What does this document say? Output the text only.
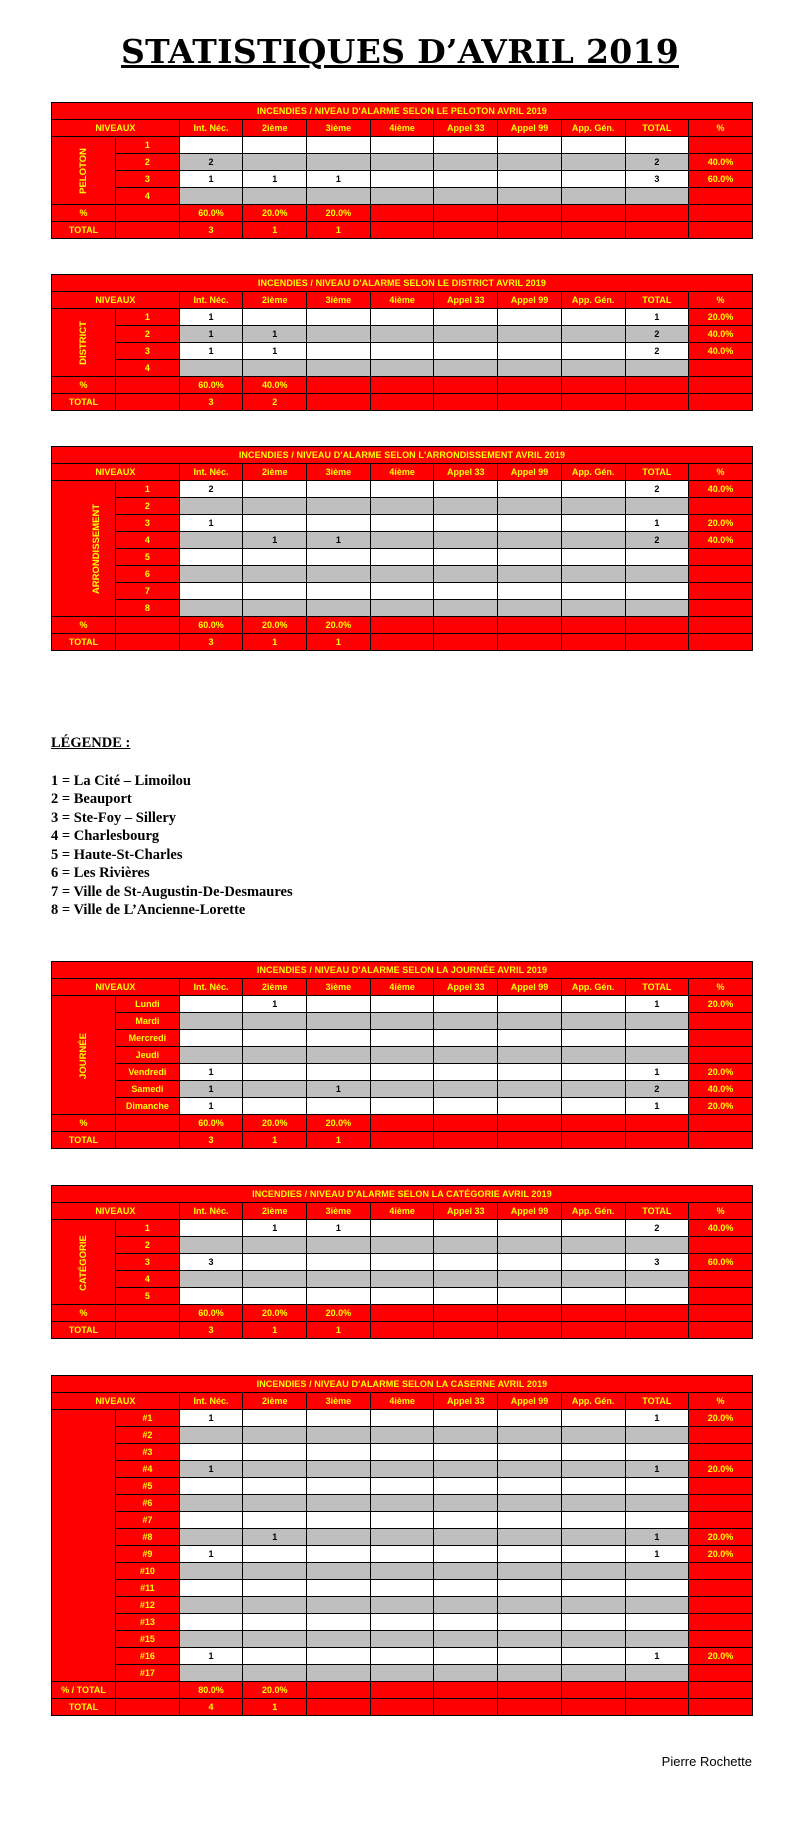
STATISTIQUES D’AVRIL 2019
INCENDIES / NIVEAU D'ALARME SELON LE PELOTON AVRIL 2019										
NIVEAUX		Int. Néc.	2ième	3ième	4ième	Appel 33	Appel 99	App. Gén.	TOTAL	%
PELOTON	1									
	2	2							2	40.0%
	3	1	1	1					3	60.0%
	4									
%		60.0%	20.0%	20.0%						
TOTAL		3	1	1						
INCENDIES / NIVEAU D'ALARME SELON LE DISTRICT AVRIL 2019										
NIVEAUX		Int. Néc.	2ième	3ième	4ième	Appel 33	Appel 99	App. Gén.	TOTAL	%
DISTRICT	1	1							1	20.0%
	2	1	1						2	40.0%
	3	1	1						2	40.0%
	4									
%		60.0%	40.0%							
TOTAL		3	2							
INCENDIES / NIVEAU D'ALARME SELON L'ARRONDISSEMENT AVRIL 2019										
NIVEAUX		Int. Néc.	2ième	3ième	4ième	Appel 33	Appel 99	App. Gén.	TOTAL	%
ARRONDISSEMENT	1	2							2	40.0%
	2									
	3	1							1	20.0%
	4		1	1					2	40.0%
	5									
	6									
	7									
	8									
%		60.0%	20.0%	20.0%						
TOTAL		3	1	1						
LÉGENDE :
1 = La Cité – Limoilou
2 = Beauport
3 = Ste-Foy – Sillery
4 = Charlesbourg
5 = Haute-St-Charles
6 = Les Rivières
7 = Ville de St-Augustin-De-Desmaures
8 = Ville de L’Ancienne-Lorette
INCENDIES / NIVEAU D'ALARME SELON LA JOURNÉE AVRIL 2019										
NIVEAUX		Int. Néc.	2ième	3ième	4ième	Appel 33	Appel 99	App. Gén.	TOTAL	%
JOURNÉE	Lundi		1						1	20.0%
	Mardi									
	Mercredi									
	Jeudi									
	Vendredi	1							1	20.0%
	Samedi	1		1					2	40.0%
	Dimanche	1							1	20.0%
%		60.0%	20.0%	20.0%						
TOTAL		3	1	1						
INCENDIES / NIVEAU D'ALARME SELON LA CATÉGORIE AVRIL 2019										
NIVEAUX		Int. Néc.	2ième	3ième	4ième	Appel 33	Appel 99	App. Gén.	TOTAL	%
CATÉGORIE	1		1	1					2	40.0%
	2									
	3	3							3	60.0%
	4									
	5									
%		60.0%	20.0%	20.0%						
TOTAL		3	1	1						
INCENDIES / NIVEAU D'ALARME SELON LA CASERNE AVRIL 2019										
NIVEAUX		Int. Néc.	2ième	3ième	4ième	Appel 33	Appel 99	App. Gén.	TOTAL	%
	#1	1							1	20.0%
	#2									
	#3									
	#4	1							1	20.0%
	#5									
	#6									
	#7									
	#8		1						1	20.0%
	#9	1							1	20.0%
	#10									
	#11									
	#12									
	#13									
	#15									
	#16	1							1	20.0%
	#17									
% / TOTAL		80.0%	20.0%							
TOTAL		4	1							
Pierre Rochette
